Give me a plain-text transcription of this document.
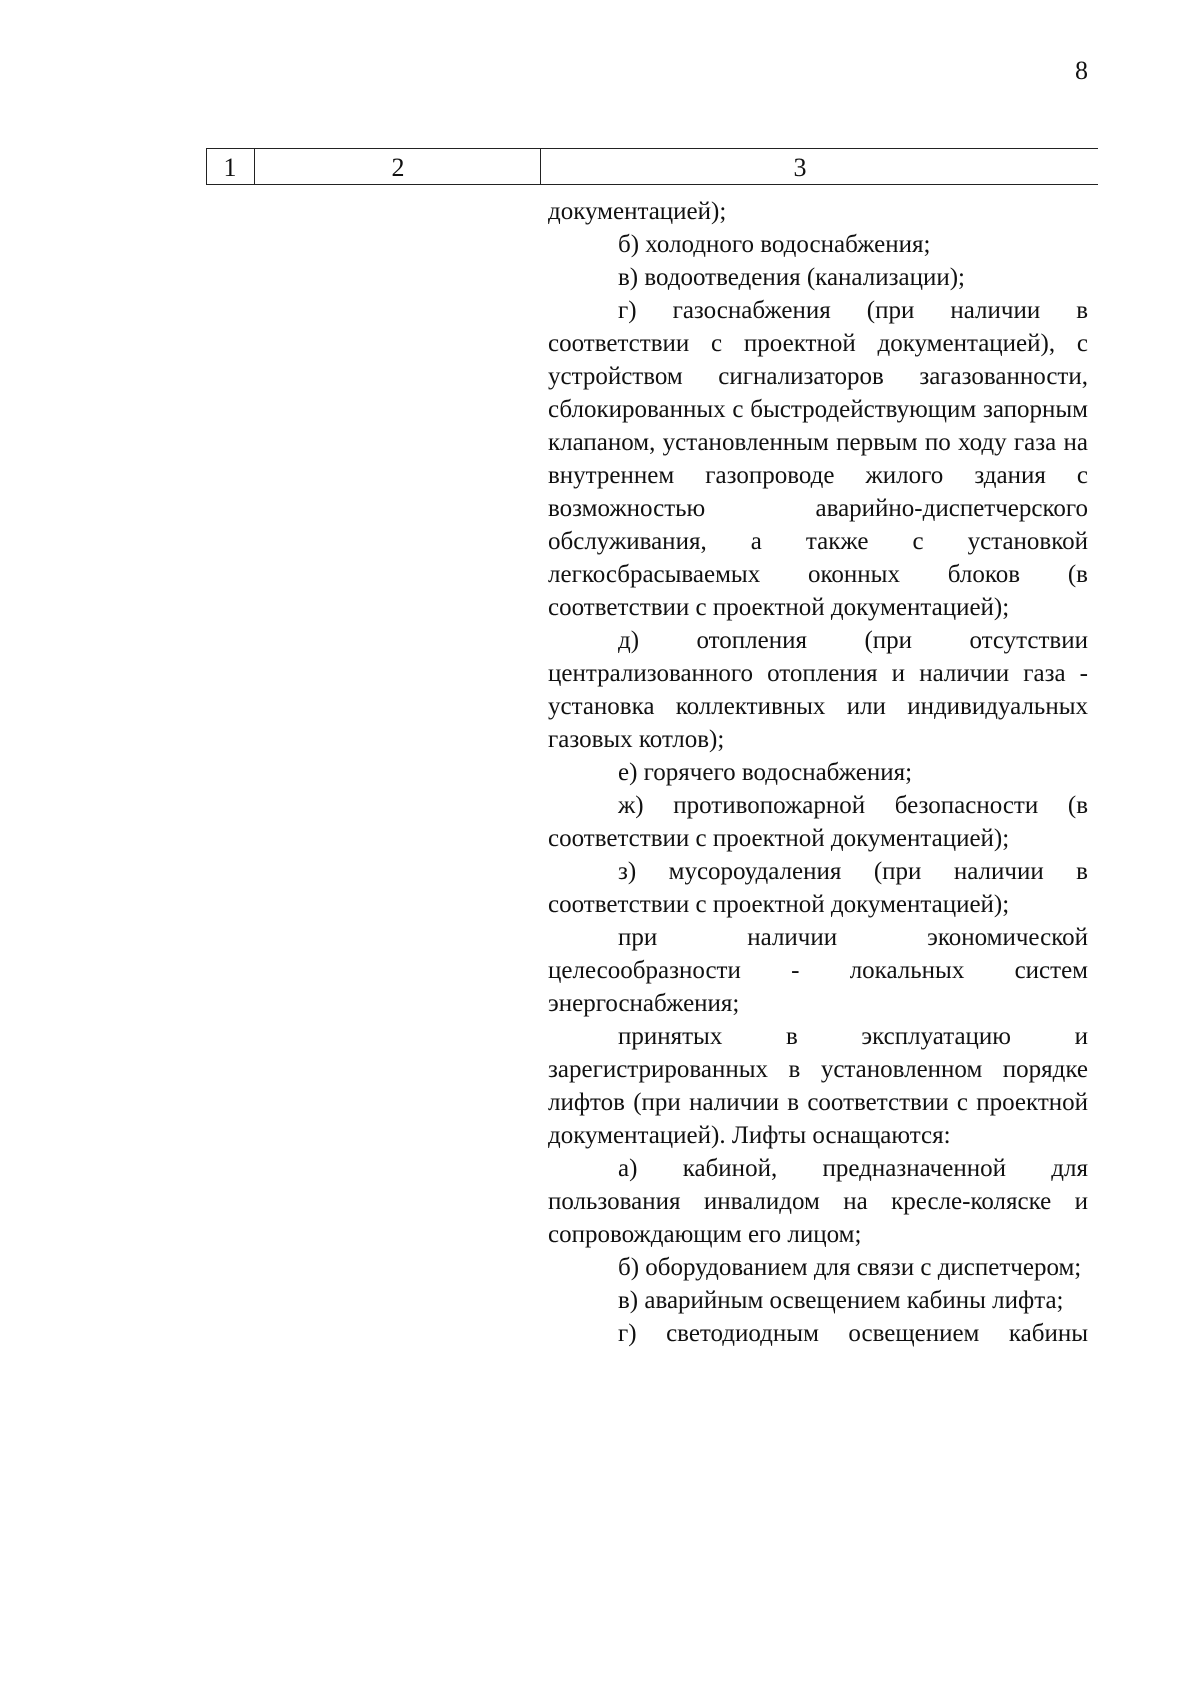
8
1	2	3

документацией);

б) холодного водоснабжения;

в) водоотведения (канализации);

г) газоснабжения (при наличии в соответствии с проектной документацией), с устройством сигнализаторов загазованности, сблокированных с быстродействующим запорным клапаном, установленным первым по ходу газа на внутреннем газопроводе жилого здания с возможностью аварийно-диспетчерского обслуживания, а также с установкой легкосбрасываемых оконных блоков (в соответствии с проектной документацией);

д) отопления (при отсутствии централизованного отопления и наличии газа - установка коллективных или индивидуальных газовых котлов);

е) горячего водоснабжения;

ж) противопожарной безопасности (в соответствии с проектной документацией);

з) мусороудаления (при наличии в соответствии с проектной документацией);

при наличии экономической целесообразности - локальных систем энергоснабжения;

принятых в эксплуатацию и зарегистрированных в установленном порядке лифтов (при наличии в соответствии с проектной документацией). Лифты оснащаются:

а) кабиной, предназначенной для пользования инвалидом на кресле-коляске и сопровождающим его лицом;

б) оборудованием для связи с диспетчером;

в) аварийным освещением кабины лифта;

г) светодиодным освещением кабины
